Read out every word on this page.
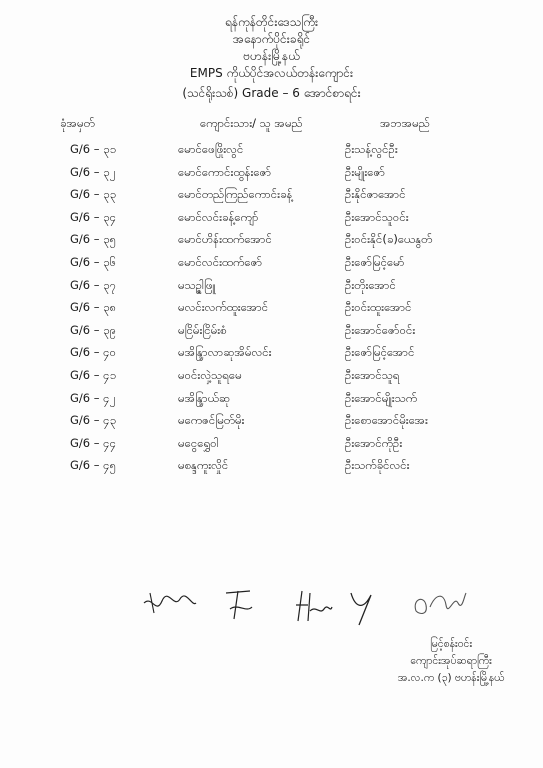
ရန်ကုန်တိုင်းဒေသကြီး
အနောက်ပိုင်းခရိုင်
ဗဟန်းမြို့နယ်
EMPS ကိုယ်ပိုင်အလယ်တန်းကျောင်း
(သင်ရိုးသစ်) Grade – 6 အောင်စာရင်း
ခုံအမှတ်	ကျောင်းသား/ သူ အမည်	အဘအမည်
G/6 – ၃၁	မောင်ဖေဖြိုးလွင်	ဦးသန့်လွင်ဦး
G/6 – ၃၂	မောင်ကောင်းထွန်းဇော်	ဦးမျိုးဇော်
G/6 – ၃၃	မောင်တည်ကြည်ကောင်းခန့်	ဦးနိုင်ဇာအောင်
G/6 – ၃၄	မောင်လင်းခန့်ကျော်	ဦးအောင်သူဝင်း
G/6 – ၃၅	မောင်ဟိန်းထက်အောင်	ဦးဝင်းနိုင်(ခ)ယေနွတ်
G/6 – ၃၆	မောင်လင်းထက်ဇော်	ဦးဇော်မြင့်မော်
G/6 – ၃၇	မသဥ္ဇါဖြူ	ဦးတိုးအောင်
G/6 – ၃၈	မလင်းလက်ထူးအောင်	ဦးဝင်းထူးအောင်
G/6 – ၃၉	မငြိမ်းငြိမ်းစံ	ဦးအောင်ဇော်ဝင်း
G/6 – ၄၀	မအိန္ဒြာလာဆုအိမ်လင်း	ဦးဇော်မြင့်အောင်
G/6 – ၄၁	မဝင်းလှဲ့သူရမေ	ဦးအောင်သူရ
G/6 – ၄၂	မအိန္ဒြာယ်ဆု	ဦးအောင်မျိုးသက်
G/6 – ၄၃	မကေဇင်မြတ်မိုး	ဦးစောအောင်မိုးအေး
G/6 – ၄၄	မငွေရွှေဝါ	ဦးအောင်ကိုဦး
G/6 – ၄၅	မစန္ဒကူးလှိုင်	ဦးသက်ခိုင်လင်း
မြင့်စန်းဝင်း
ကျောင်းအုပ်ဆရာကြီး
အ.လ.က (၃) ဗဟန်းမြို့နယ်
